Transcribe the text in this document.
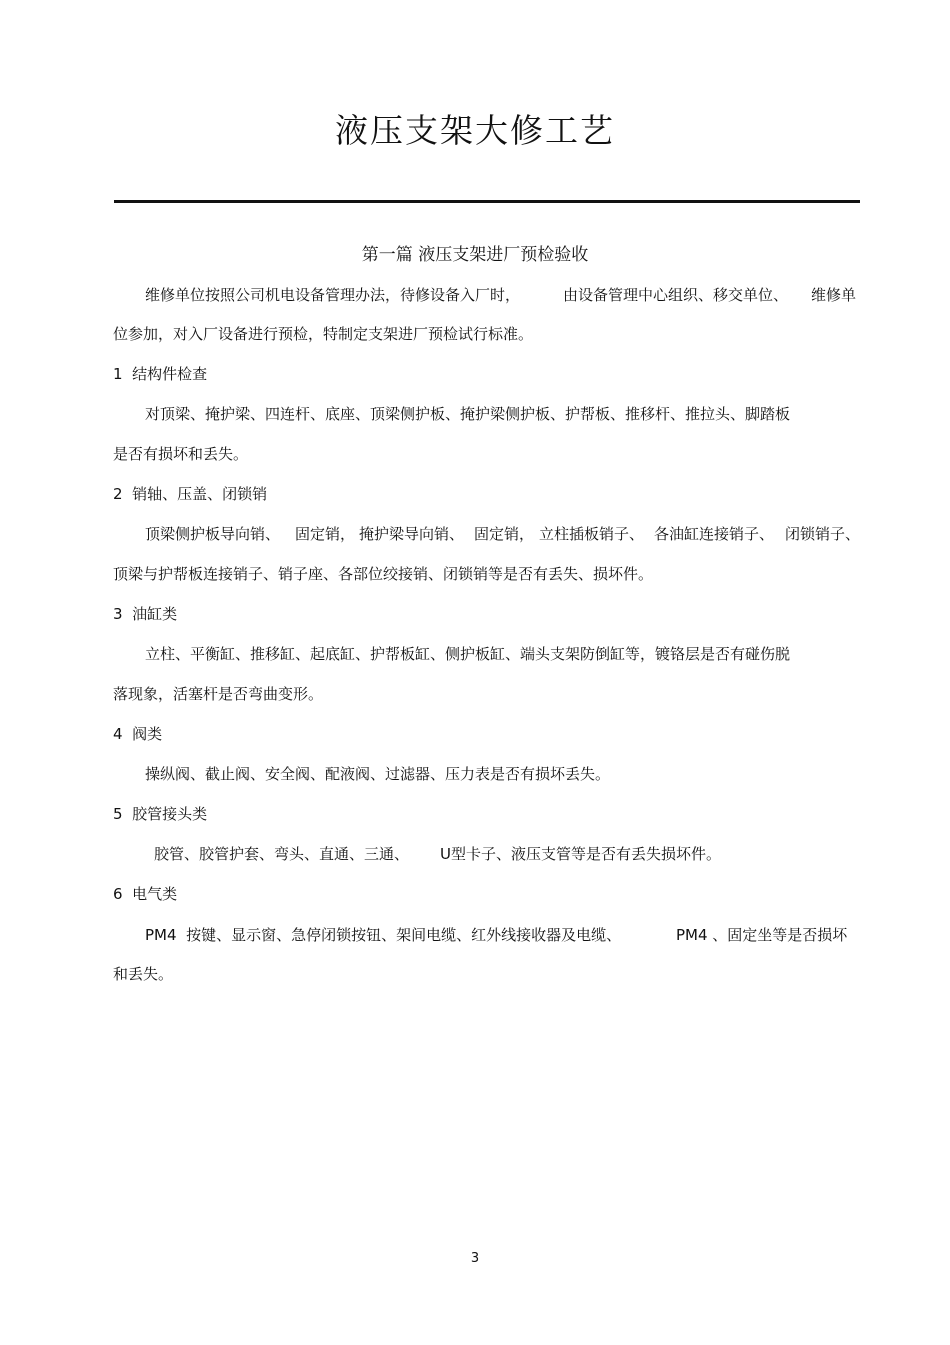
液压支架大修工艺
第一篇 液压支架进厂预检验收
维修单位按照公司机电设备管理办法，待修设备入厂时，	由设备管理中心组织、移交单位、 维修单
位参加，对入厂设备进行预检，特制定支架进厂预检试行标准。
1  结构件检查
对顶梁、掩护梁、四连杆、底座、顶梁侧护板、掩护梁侧护板、护帮板、推移杆、推拉头、脚踏板
是否有损坏和丢失。
2  销轴、压盖、闭锁销
顶梁侧护板导向销、 固定销， 掩护梁导向销、 固定销， 立柱插板销子、 各油缸连接销子、 闭锁销子、
顶梁与护帮板连接销子、销子座、各部位绞接销、闭锁销等是否有丢失、损坏件。
3  油缸类
立柱、平衡缸、推移缸、起底缸、护帮板缸、侧护板缸、端头支架防倒缸等，镀铬层是否有碰伤脱
落现象，活塞杆是否弯曲变形。
4  阀类
操纵阀、截止阀、安全阀、配液阀、过滤器、压力表是否有损坏丢失。
5  胶管接头类
胶管、胶管护套、弯头、直通、三通、 U型卡子、液压支管等是否有丢失损坏件。
6  电气类
PM4  按键、显示窗、急停闭锁按钮、架间电缆、红外线接收器及电缆、	PM4 、固定坐等是否损坏
和丢失。
3
